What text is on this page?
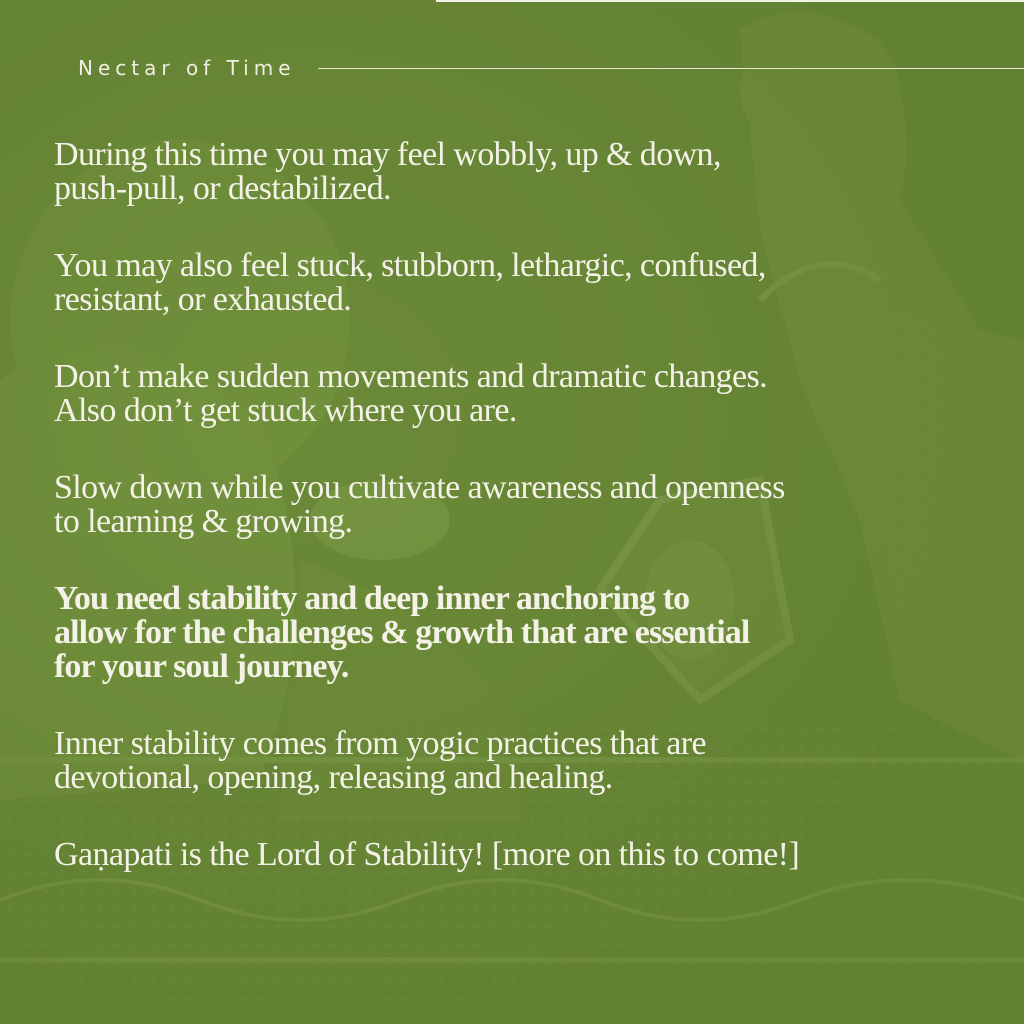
Nectar of Time
During this time you may feel wobbly, up & down,
push-pull, or destabilized.
You may also feel stuck, stubborn, lethargic, confused,
resistant, or exhausted.
Don’t make sudden movements and dramatic changes.
Also don’t get stuck where you are.
Slow down while you cultivate awareness and openness
to learning & growing.
You need stability and deep inner anchoring to
allow for the challenges & growth that are essential
for your soul journey.
Inner stability comes from yogic practices that are
devotional, opening, releasing and healing.
Gaṇapati is the Lord of Stability! [more on this to come!]
